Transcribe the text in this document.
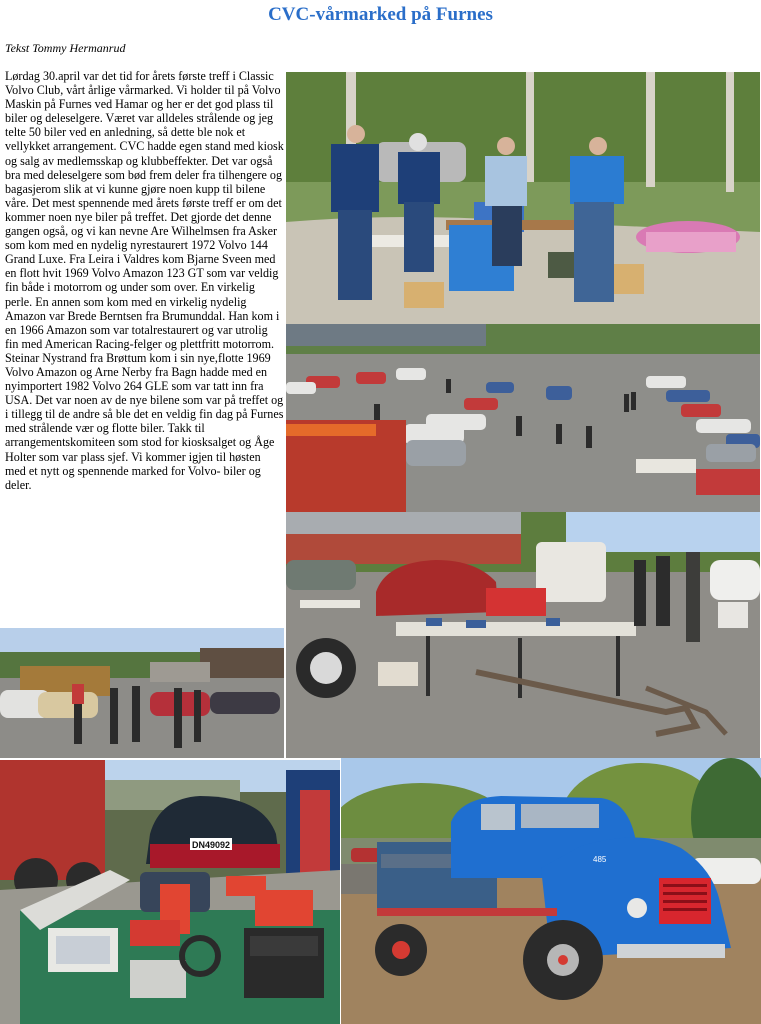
CVC-vårmarked på Furnes
Tekst Tommy Hermanrud
Lørdag 30.april var det tid for årets første treff i Classic Volvo Club, vårt årlige vårmarked. Vi holder til på Volvo Maskin på Furnes ved Hamar og her er det god plass til biler og deleselgere. Været var alldeles strålende og jeg telte 50 biler ved en anledning, så dette ble nok et vellykket arrangement. CVC hadde egen stand med kiosk og salg av medlemsskap og klubbeffekter. Det var også bra med deleselgere som bød frem deler fra tilhengere og bagasjerom slik at vi kunne gjøre noen kupp til bilene våre. Det mest spennende med årets første treff er om det kommer noen nye biler på treffet. Det gjorde det denne gangen også, og vi kan nevne Are Wilhelmsen fra Asker som kom med en nydelig nyrestaurert 1972 Volvo 144 Grand Luxe. Fra Leira i Valdres kom Bjarne Sveen med en flott hvit 1969 Volvo Amazon 123 GT som var veldig fin både i motorrom og under som over. En virkelig perle. En annen som kom med en virkelig nydelig Amazon var Brede Berntsen fra Brumunddal. Han kom i en 1966 Amazon som var totalrestaurert og var utrolig fin med American Racing-felger og plettfritt motorrom. Steinar Nystrand fra Brøttum kom i sin nye,flotte 1969 Volvo Amazon og Arne Nerby fra Bagn hadde med en nyimportert 1982 Volvo 264 GLE som var tatt inn fra USA. Det var noen av de nye bilene som var på treffet og i tillegg til de andre så ble det en veldig fin dag på Furnes med strålende vær og flotte biler. Takk til arrangementskomiteen som stod for kiosksalget og Åge Holter som var plass sjef. Vi kommer igjen til høsten med et nytt og spennende marked for Volvo- biler og deler.
DN49092
485
